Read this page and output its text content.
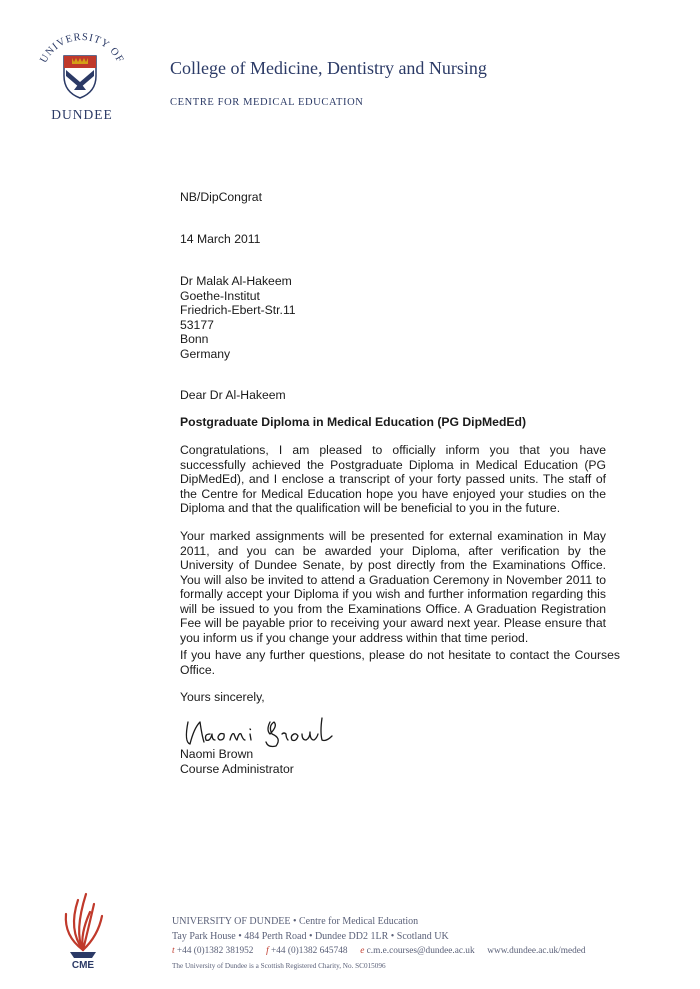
UNIVERSITY OF
DUNDEE
College of Medicine, Dentistry and Nursing
CENTRE FOR MEDICAL EDUCATION
NB/DipCongrat
14 March 2011
Dr Malak Al-Hakeem
Goethe-Institut
Friedrich-Ebert-Str.11
53177
Bonn
Germany
Dear Dr Al-Hakeem
Postgraduate Diploma in Medical Education (PG DipMedEd)
Congratulations, I am pleased to officially inform you that you have successfully achieved the Postgraduate Diploma in Medical Education (PG DipMedEd), and I enclose a transcript of your forty passed units. The staff of the Centre for Medical Education hope you have enjoyed your studies on the Diploma and that the qualification will be beneficial to you in the future.
Your marked assignments will be presented for external examination in May 2011, and you can be awarded your Diploma, after verification by the University of Dundee Senate, by post directly from the Examinations Office. You will also be invited to attend a Graduation Ceremony in November 2011 to formally accept your Diploma if you wish and further information regarding this will be issued to you from the Examinations Office. A Graduation Registration Fee will be payable prior to receiving your award next year. Please ensure that you inform us if you change your address within that time period.
If you have any further questions, please do not hesitate to contact the Courses Office.
Yours sincerely,
Naomi Brown
Course Administrator
CME
UNIVERSITY OF DUNDEE • Centre for Medical Education
Tay Park House • 484 Perth Road • Dundee DD2 1LR • Scotland UK
t +44 (0)1382 381952 f +44 (0)1382 645748 e c.m.e.courses@dundee.ac.uk www.dundee.ac.uk/meded
The University of Dundee is a Scottish Registered Charity, No. SC015096
